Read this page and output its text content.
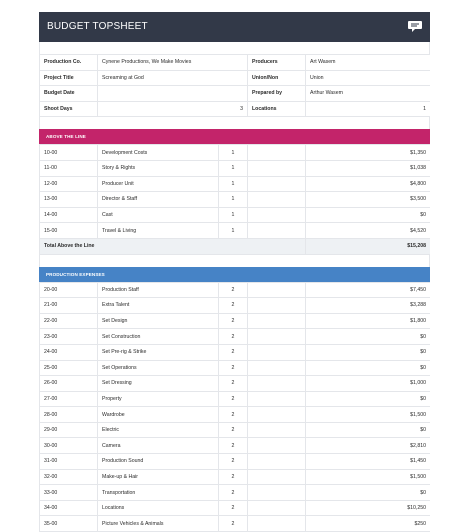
BUDGET TOPSHEET
Production Co.	Cynene Productions, We Make Movies	Producers	Art Wasem
Project Title	Screaming at God	Union/Non	Union
Budget Date		Prepared by	Arthur Wasem
Shoot Days	3	Locations	1
ABOVE THE LINE
10-00	Development Costs	1		$1,350
11-00	Story & Rights	1		$1,038
12-00	Producer Unit	1		$4,800
13-00	Director & Staff	1		$3,500
14-00	Cast	1		$0
15-00	Travel & Living	1		$4,520
Total Above the Line				$15,208
PRODUCTION EXPENSES
20-00	Production Staff	2		$7,450
21-00	Extra Talent	2		$3,288
22-00	Set Design	2		$1,800
23-00	Set Construction	2		$0
24-00	Set Pre-rig & Strike	2		$0
25-00	Set Operations	2		$0
26-00	Set Dressing	2		$1,000
27-00	Property	2		$0
28-00	Wardrobe	2		$1,500
29-00	Electric	2		$0
30-00	Camera	2		$2,810
31-00	Production Sound	2		$1,450
32-00	Make-up & Hair	2		$1,500
33-00	Transportation	2		$0
34-00	Locations	2		$10,250
35-00	Picture Vehicles & Animals	2		$250
